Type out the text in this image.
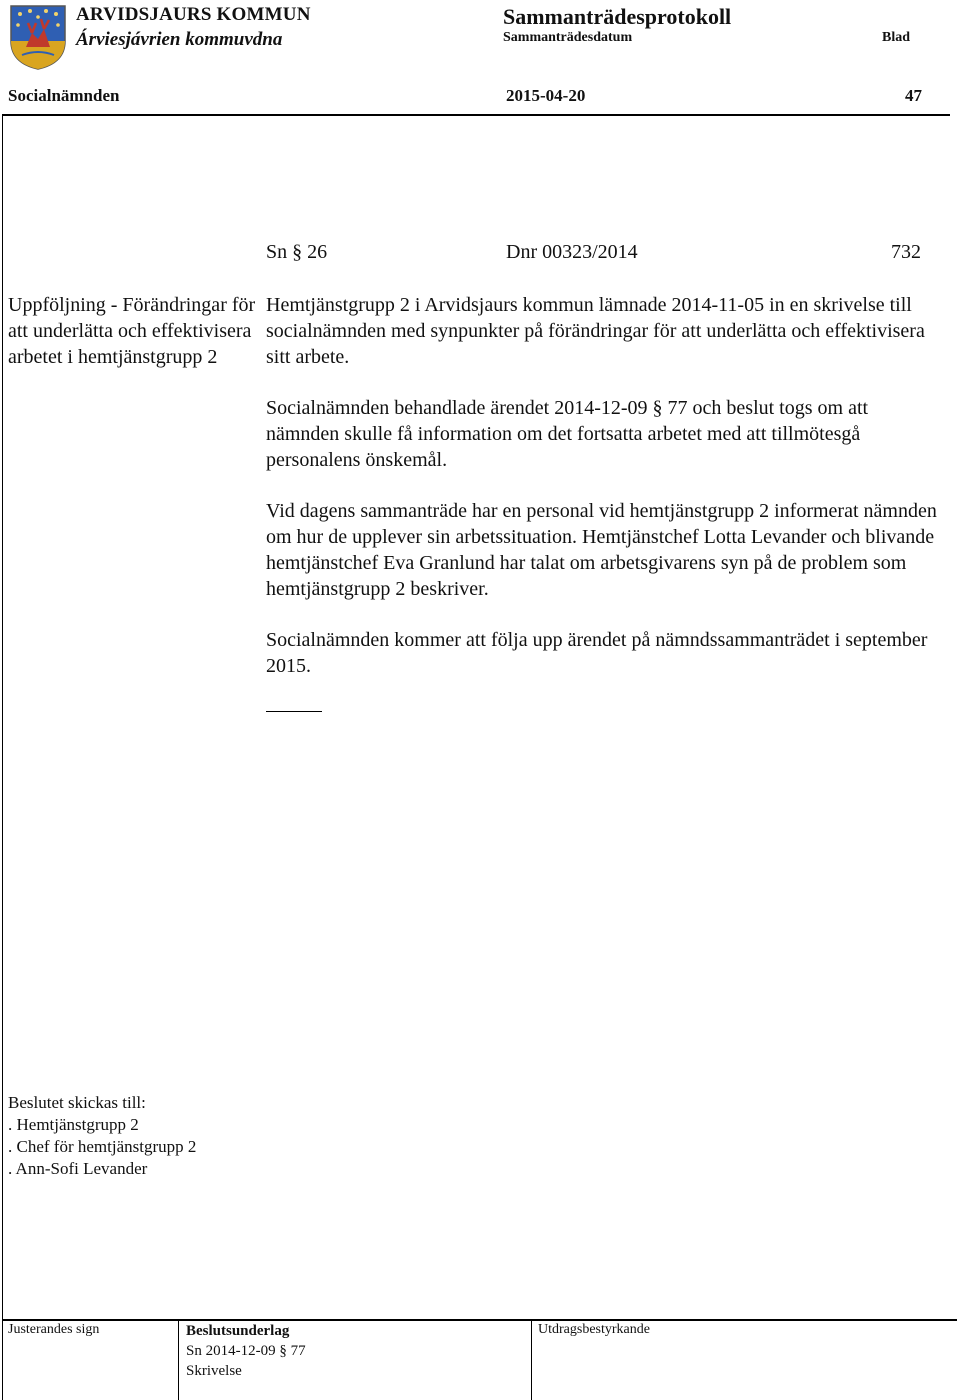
ARVIDSJAURS KOMMUN
Árviesjávrien kommuvdna
Sammanträdesprotokoll
Sammanträdesdatum	Blad
Socialnämnden	2015-04-20	47
Sn § 26	Dnr 00323/2014	732
Uppföljning - Förändringar för att underlätta och effektivisera arbetet i hemtjänstgrupp 2

Hemtjänstgrupp 2 i Arvidsjaurs kommun lämnade 2014-11-05 in en skrivelse till socialnämnden med synpunkter på förändringar för att underlätta och effektivisera sitt arbete.

Socialnämnden behandlade ärendet 2014-12-09 § 77 och beslut togs om att nämnden skulle få information om det fortsatta arbetet med att tillmötesgå personalens önskemål.

Vid dagens sammanträde har en personal vid hemtjänstgrupp 2 informerat nämnden om hur de upplever sin arbetssituation. Hemtjänstchef Lotta Levander och blivande hemtjänstchef Eva Granlund har talat om arbetsgivarens syn på de problem som hemtjänstgrupp 2 beskriver.

Socialnämnden kommer att följa upp ärendet på nämndssammanträdet i september 2015.

Beslutet skickas till:
. Hemtjänstgrupp 2
. Chef för hemtjänstgrupp 2
. Ann-Sofi Levander
Justerandes sign	Beslutsunderlag
Sn 2014-12-09 § 77
Skrivelse
Utdragsbestyrkande
